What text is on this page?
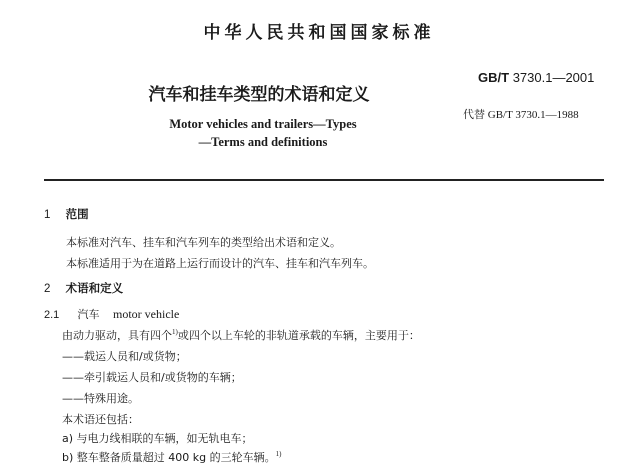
中华人民共和国国家标准
GB/T 3730.1—2001
汽车和挂车类型的术语和定义
代替 GB/T 3730.1—1988
Motor vehicles and trailers—Types
—Terms and definitions
1 范围
本标准对汽车、挂车和汽车列车的类型给出术语和定义。
本标准适用于为在道路上运行而设计的汽车、挂车和汽车列车。
2 术语和定义
2.1 汽车 motor vehicle
由动力驱动，具有四个$^{1)}$或四个以上车轮的非轨道承载的车辆，主要用于：
——载运人员和/或货物；
——牵引载运人员和/或货物的车辆；
——特殊用途。
本术语还包括：
a) 与电力线相联的车辆，如无轨电车；
b) 整车整备质量超过 400 kg 的三轮车辆。$^{1)}$
